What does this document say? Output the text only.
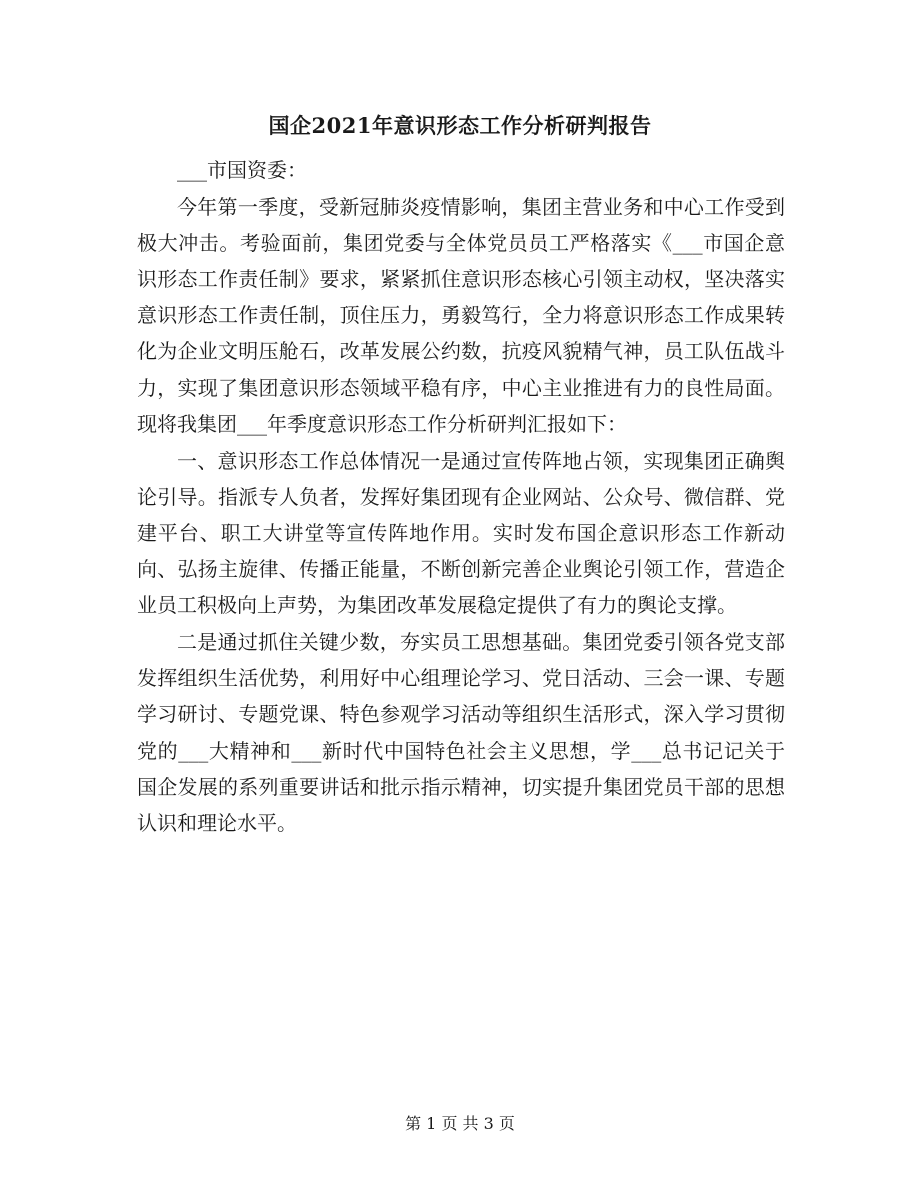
国企2021年意识形态工作分析研判报告

___市国资委：

今年第一季度，受新冠肺炎疫情影响，集团主营业务和中心工作受到极大冲击。考验面前，集团党委与全体党员员工严格落实《___市国企意识形态工作责任制》要求，紧紧抓住意识形态核心引领主动权，坚决落实意识形态工作责任制，顶住压力，勇毅笃行，全力将意识形态工作成果转化为企业文明压舱石，改革发展公约数，抗疫风貌精气神，员工队伍战斗力，实现了集团意识形态领域平稳有序，中心主业推进有力的良性局面。现将我集团___年季度意识形态工作分析研判汇报如下：

一、意识形态工作总体情况一是通过宣传阵地占领，实现集团正确舆论引导。指派专人负者，发挥好集团现有企业网站、公众号、微信群、党建平台、职工大讲堂等宣传阵地作用。实时发布国企意识形态工作新动向、弘扬主旋律、传播正能量，不断创新完善企业舆论引领工作，营造企业员工积极向上声势，为集团改革发展稳定提供了有力的舆论支撑。

二是通过抓住关键少数，夯实员工思想基础。集团党委引领各党支部发挥组织生活优势，利用好中心组理论学习、党日活动、三会一课、专题学习研讨、专题党课、特色参观学习活动等组织生活形式，深入学习贯彻党的___大精神和___新时代中国特色社会主义思想，学___总书记记关于国企发展的系列重要讲话和批示指示精神，切实提升集团党员干部的思想认识和理论水平。

第 1 页 共 3 页
